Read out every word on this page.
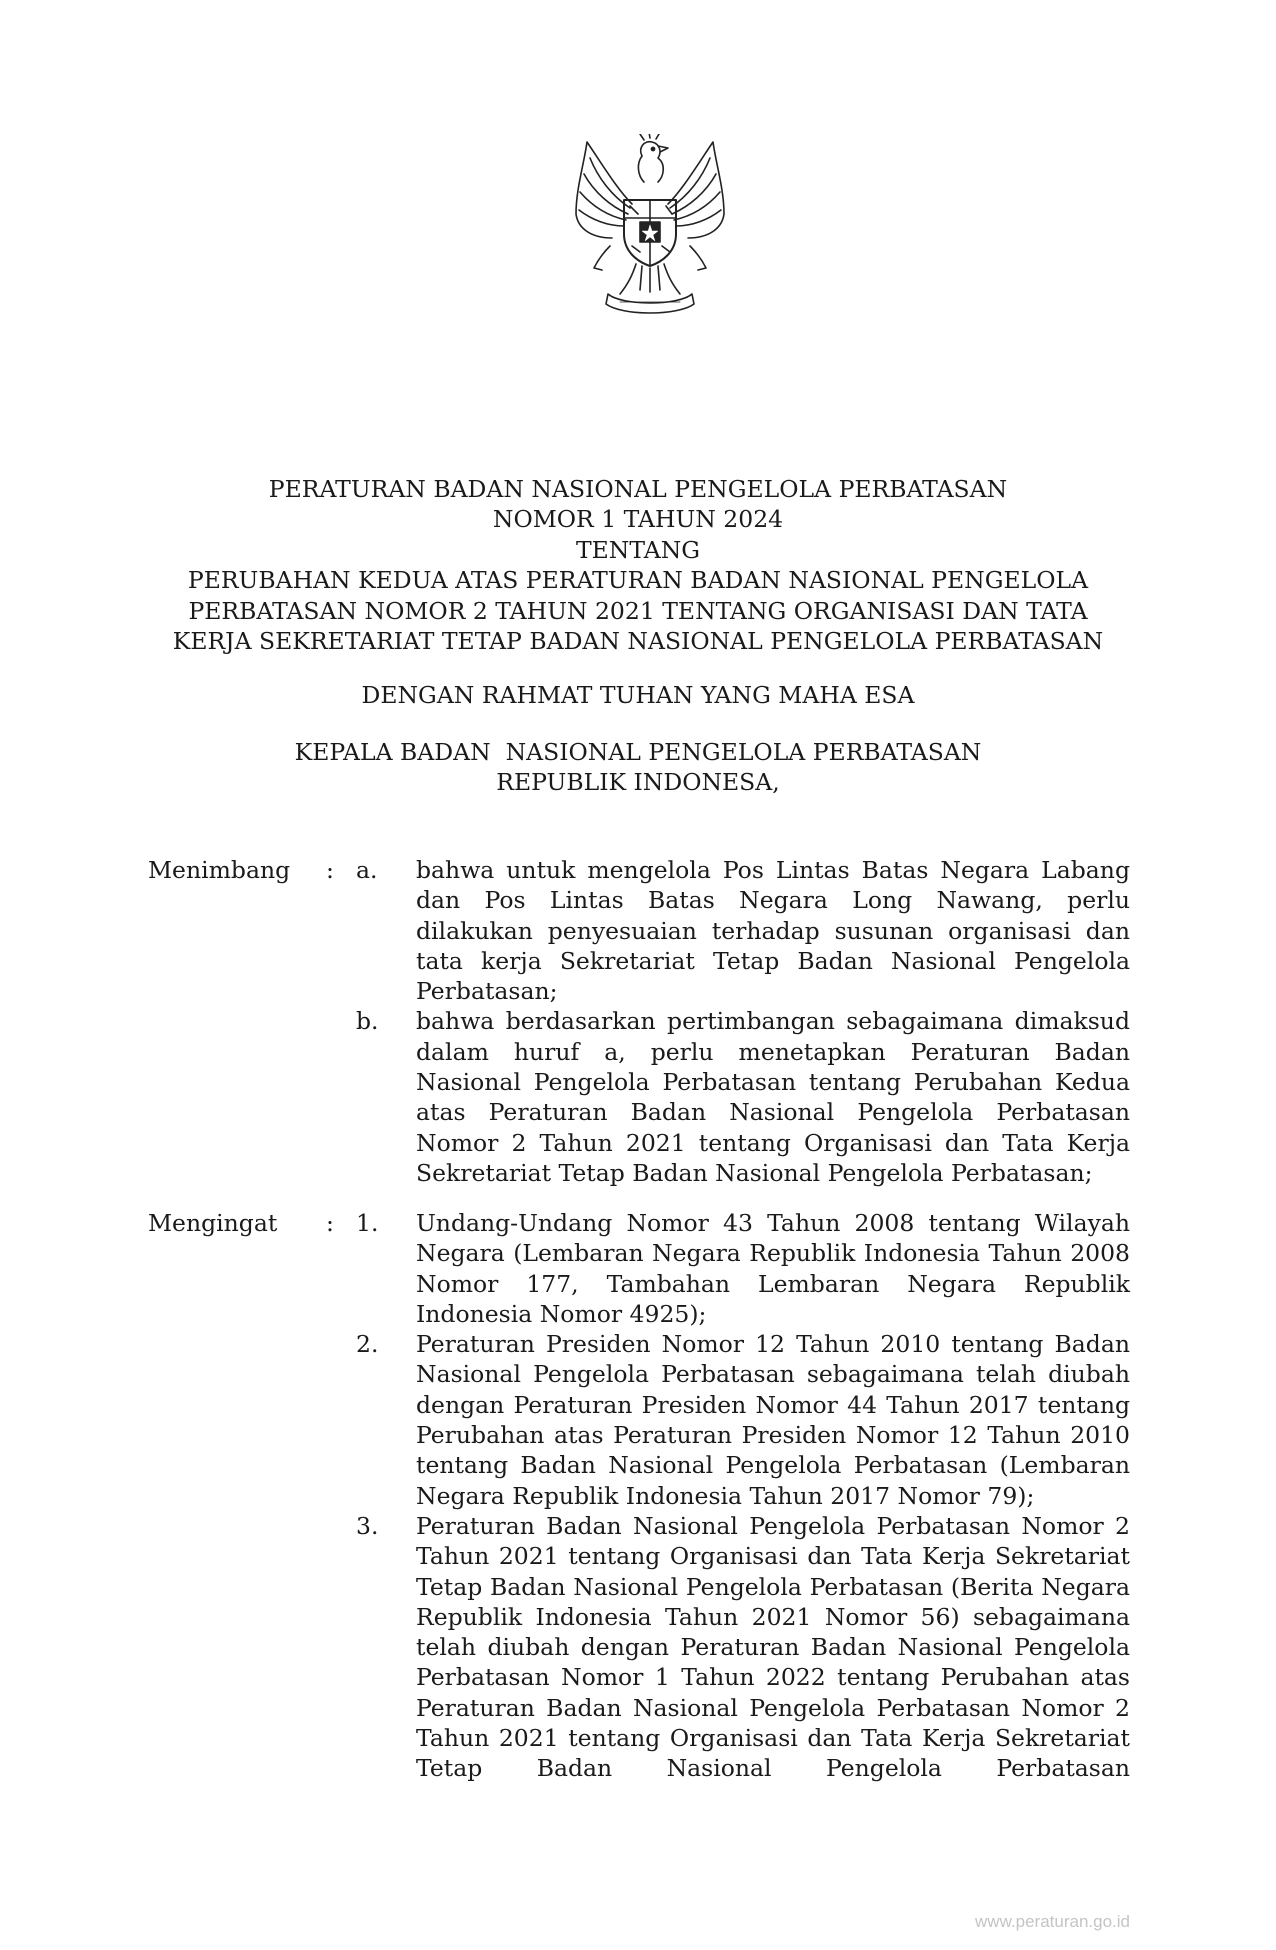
PERATURAN BADAN NASIONAL PENGELOLA PERBATASAN
NOMOR 1 TAHUN 2024
TENTANG
PERUBAHAN KEDUA ATAS PERATURAN BADAN NASIONAL PENGELOLA
PERBATASAN NOMOR 2 TAHUN 2021 TENTANG ORGANISASI DAN TATA
KERJA SEKRETARIAT TETAP BADAN NASIONAL PENGELOLA PERBATASAN
DENGAN RAHMAT TUHAN YANG MAHA ESA
KEPALA BADAN  NASIONAL PENGELOLA PERBATASAN
REPUBLIK INDONESA,
Menimbang : a. bahwa untuk mengelola Pos Lintas Batas Negara Labang dan Pos Lintas Batas Negara Long Nawang, perlu dilakukan penyesuaian terhadap susunan organisasi dan tata kerja Sekretariat Tetap Badan Nasional Pengelola Perbatasan;
b. bahwa berdasarkan pertimbangan sebagaimana dimaksud dalam huruf a, perlu menetapkan Peraturan Badan Nasional Pengelola Perbatasan tentang Perubahan Kedua atas Peraturan Badan Nasional Pengelola Perbatasan Nomor 2 Tahun 2021 tentang Organisasi dan Tata Kerja Sekretariat Tetap Badan Nasional Pengelola Perbatasan;
Mengingat : 1. Undang-Undang Nomor 43 Tahun 2008 tentang Wilayah Negara (Lembaran Negara Republik Indonesia Tahun 2008 Nomor 177, Tambahan Lembaran Negara Republik Indonesia Nomor 4925);
2. Peraturan Presiden Nomor 12 Tahun 2010 tentang Badan Nasional Pengelola Perbatasan sebagaimana telah diubah dengan Peraturan Presiden Nomor 44 Tahun 2017 tentang Perubahan atas Peraturan Presiden Nomor 12 Tahun 2010 tentang Badan Nasional Pengelola Perbatasan (Lembaran Negara Republik Indonesia Tahun 2017 Nomor 79);
3. Peraturan Badan Nasional Pengelola Perbatasan Nomor 2 Tahun 2021 tentang Organisasi dan Tata Kerja Sekretariat Tetap Badan Nasional Pengelola Perbatasan (Berita Negara Republik Indonesia Tahun 2021 Nomor 56) sebagaimana telah diubah dengan Peraturan Badan Nasional Pengelola Perbatasan Nomor 1 Tahun 2022 tentang Perubahan atas Peraturan Badan Nasional Pengelola Perbatasan Nomor 2 Tahun 2021 tentang Organisasi dan Tata Kerja Sekretariat Tetap Badan Nasional Pengelola Perbatasan
www.peraturan.go.id
